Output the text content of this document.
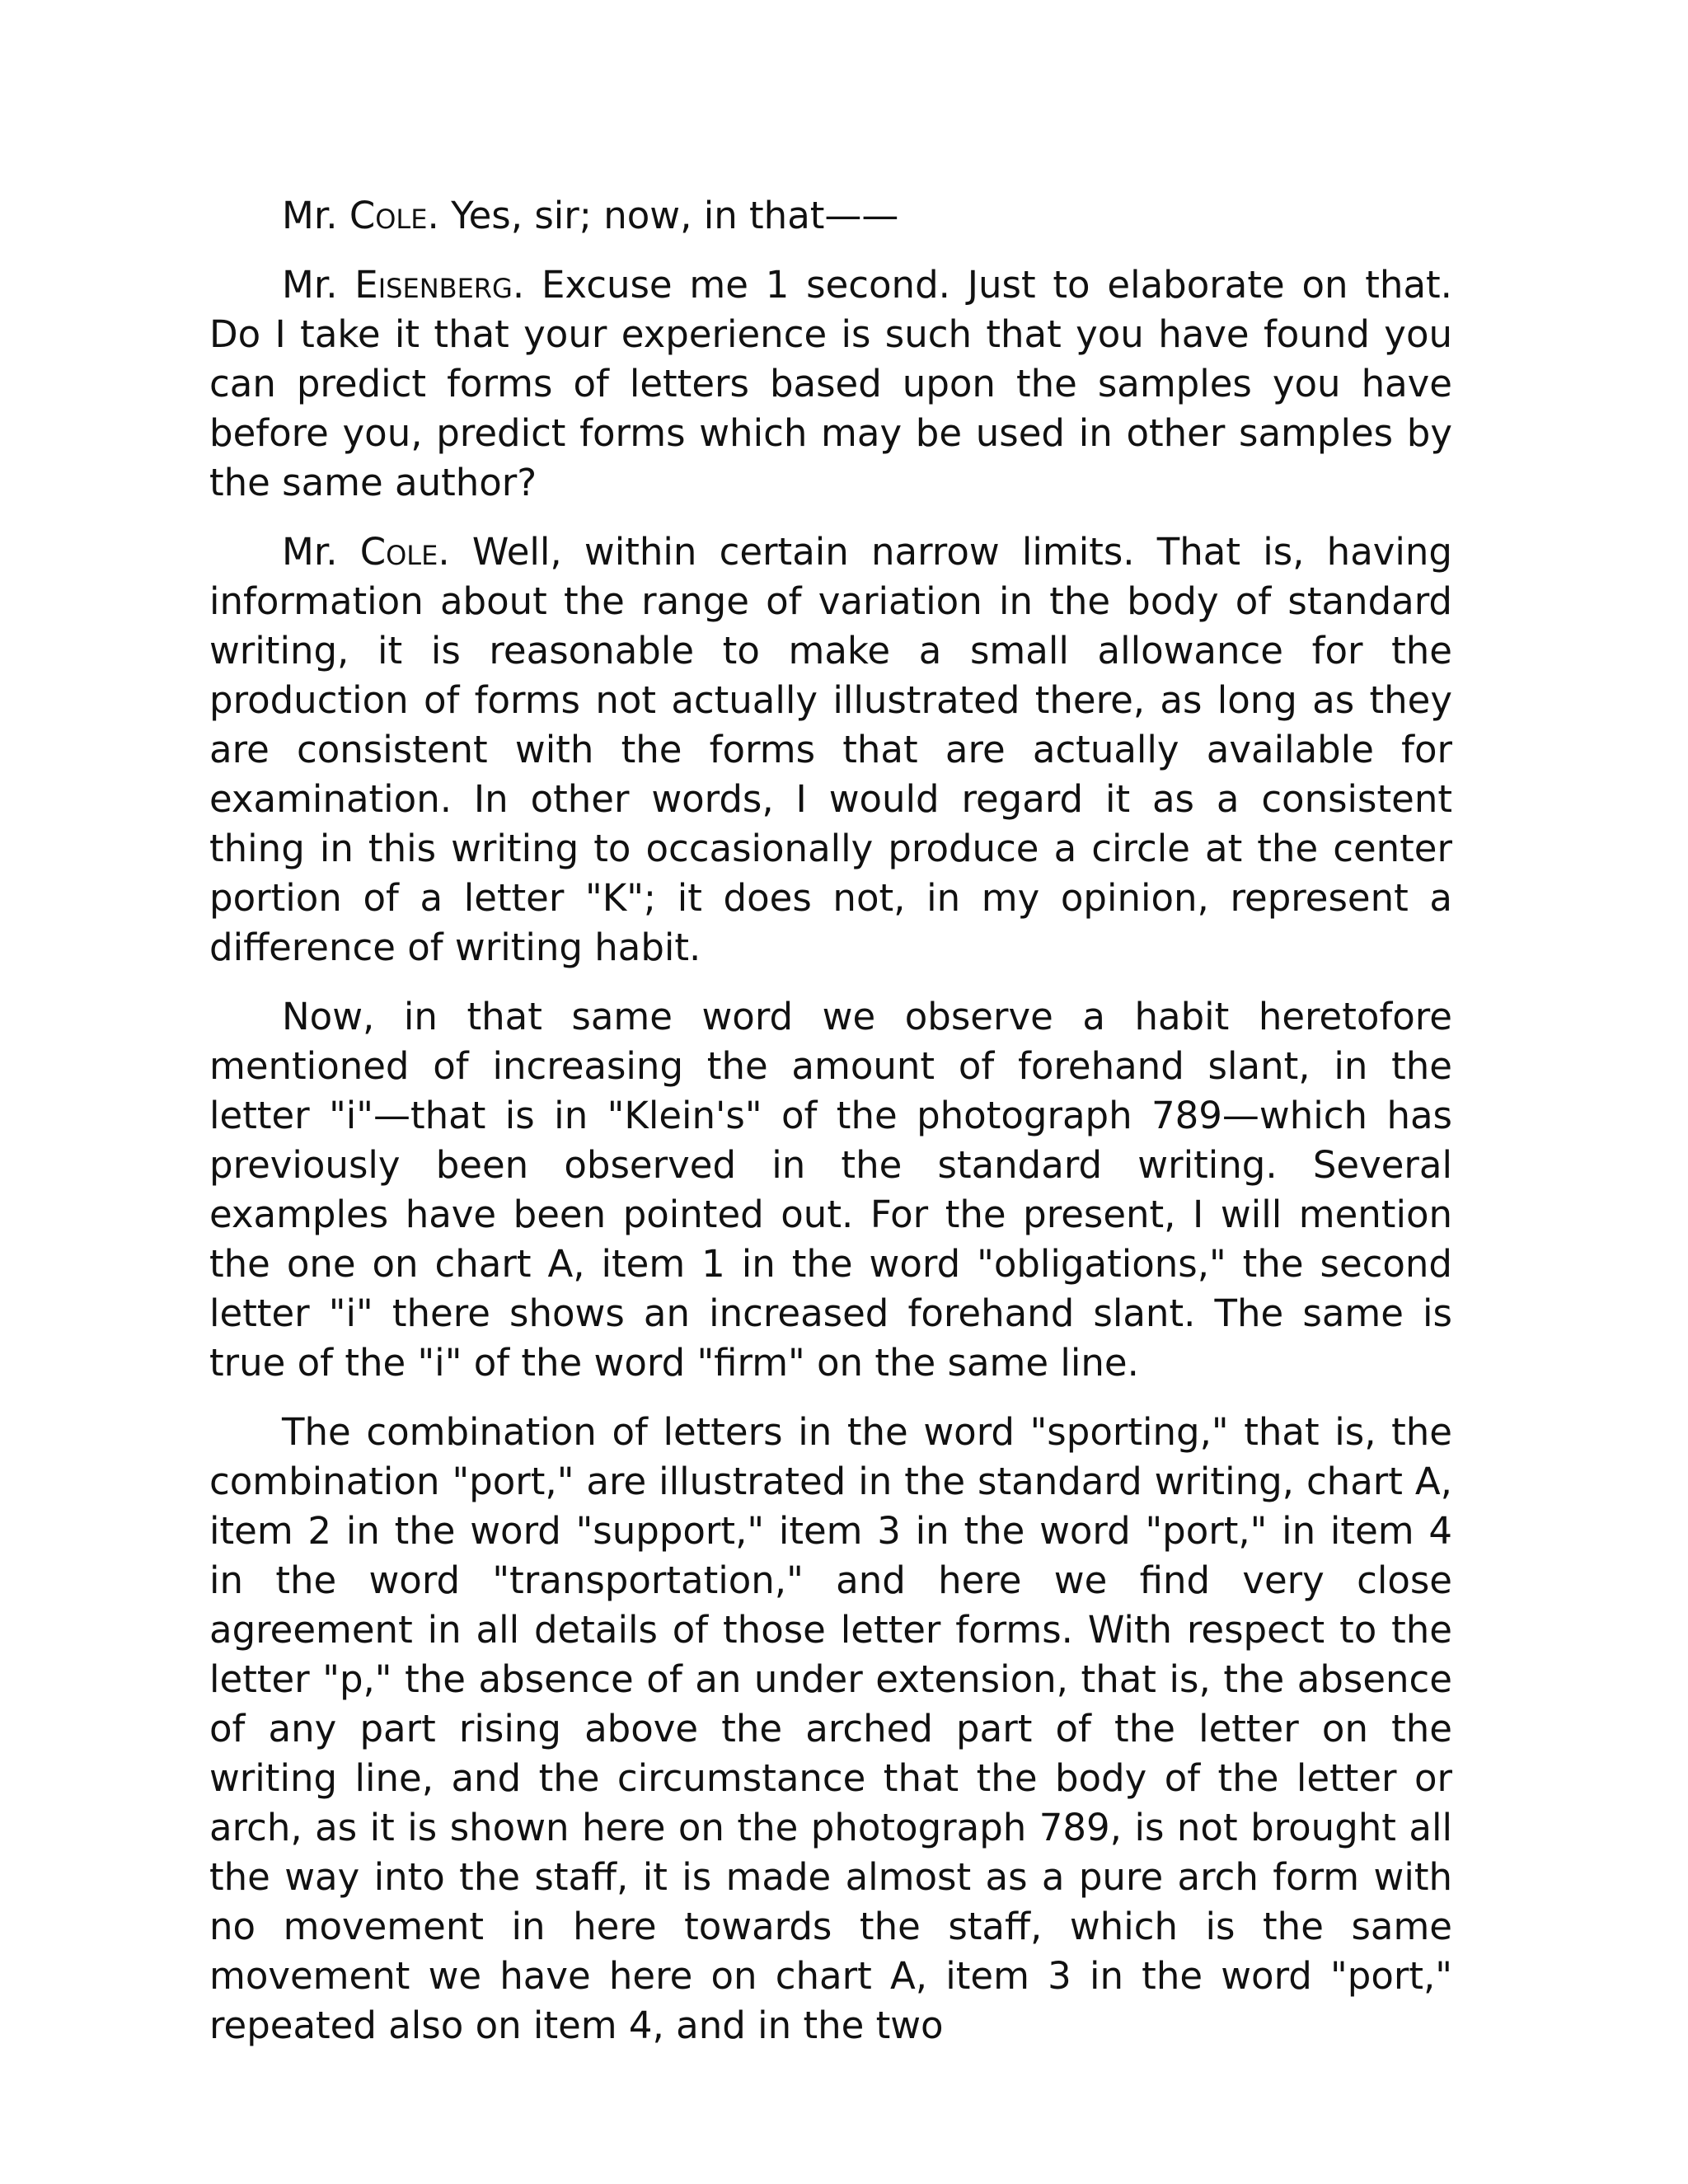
Mr. Cole. Yes, sir; now, in that——

Mr. Eisenberg. Excuse me 1 second. Just to elaborate on that. Do I take it that your experience is such that you have found you can predict forms of letters based upon the samples you have before you, predict forms which may be used in other samples by the same author?

Mr. Cole. Well, within certain narrow limits. That is, having information about the range of variation in the body of standard writing, it is reasonable to make a small allowance for the production of forms not actually illustrated there, as long as they are consistent with the forms that are actually available for examination. In other words, I would regard it as a consistent thing in this writing to occasionally produce a circle at the center portion of a letter "K"; it does not, in my opinion, represent a difference of writing habit.

Now, in that same word we observe a habit heretofore mentioned of increasing the amount of forehand slant, in the letter "i"—that is in "Klein's" of the photograph 789—which has previously been observed in the standard writing. Several examples have been pointed out. For the present, I will mention the one on chart A, item 1 in the word "obligations," the second letter "i" there shows an increased forehand slant. The same is true of the "i" of the word "firm" on the same line.

The combination of letters in the word "sporting," that is, the combination "port," are illustrated in the standard writing, chart A, item 2 in the word "support," item 3 in the word "port," in item 4 in the word "transportation," and here we find very close agreement in all details of those letter forms. With respect to the letter "p," the absence of an under extension, that is, the absence of any part rising above the arched part of the letter on the writing line, and the circumstance that the body of the letter or arch, as it is shown here on the photograph 789, is not brought all the way into the staff, it is made almost as a pure arch form with no movement in here towards the staff, which is the same movement we have here on chart A, item 3 in the word "port," repeated also on item 4, and in the two
